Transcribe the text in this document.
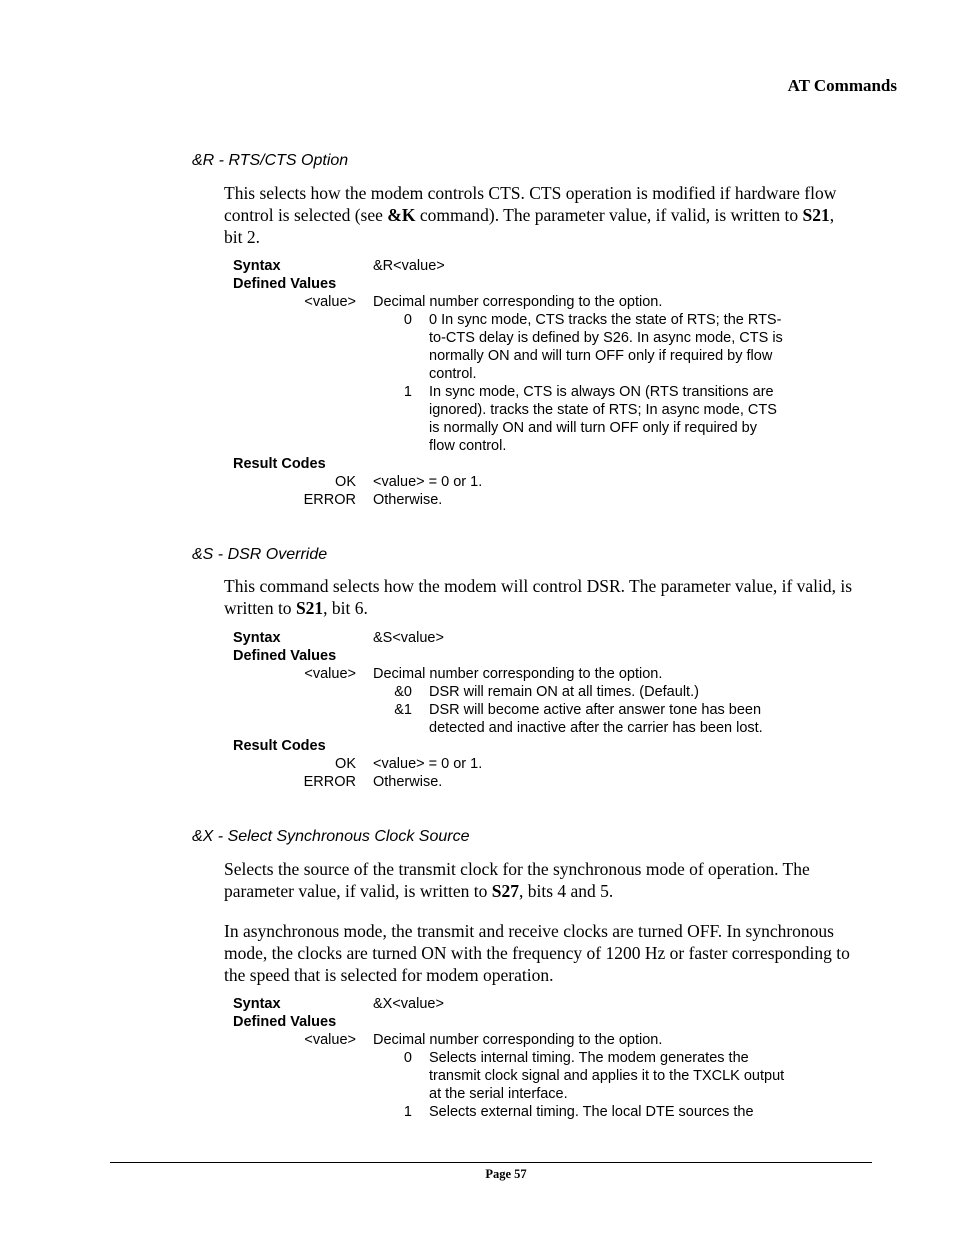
AT Commands
&R - RTS/CTS Option
This selects how the modem controls CTS. CTS operation is modified if hardware flow
control is selected (see &K command). The parameter value, if valid, is written to S21,
bit 2.
Syntax	&R<value>
Defined Values
<value> Decimal number corresponding to the option.
0 0 In sync mode, CTS tracks the state of RTS; the RTS-
to-CTS delay is defined by S26. In async mode, CTS is
normally ON and will turn OFF only if required by flow
control.
1 In sync mode, CTS is always ON (RTS transitions are
ignored). tracks the state of RTS; In async mode, CTS
is normally ON and will turn OFF only if required by
flow control.
Result Codes
OK <value> = 0 or 1.
ERROR Otherwise.
&S - DSR Override
This command selects how the modem will control DSR. The parameter value, if valid, is
written to S21, bit 6.
Syntax	&S<value>
Defined Values
<value> Decimal number corresponding to the option.
&0 DSR will remain ON at all times. (Default.)
&1 DSR will become active after answer tone has been
detected and inactive after the carrier has been lost.
Result Codes
OK <value> = 0 or 1.
ERROR Otherwise.
&X - Select Synchronous Clock Source
Selects the source of the transmit clock for the synchronous mode of operation. The
parameter value, if valid, is written to S27, bits 4 and 5.
In asynchronous mode, the transmit and receive clocks are turned OFF. In synchronous
mode, the clocks are turned ON with the frequency of 1200 Hz or faster corresponding to
the speed that is selected for modem operation.
Syntax	&X<value>
Defined Values
<value> Decimal number corresponding to the option.
0 Selects internal timing. The modem generates the
transmit clock signal and applies it to the TXCLK output
at the serial interface.
1 Selects external timing. The local DTE sources the
Page 57
